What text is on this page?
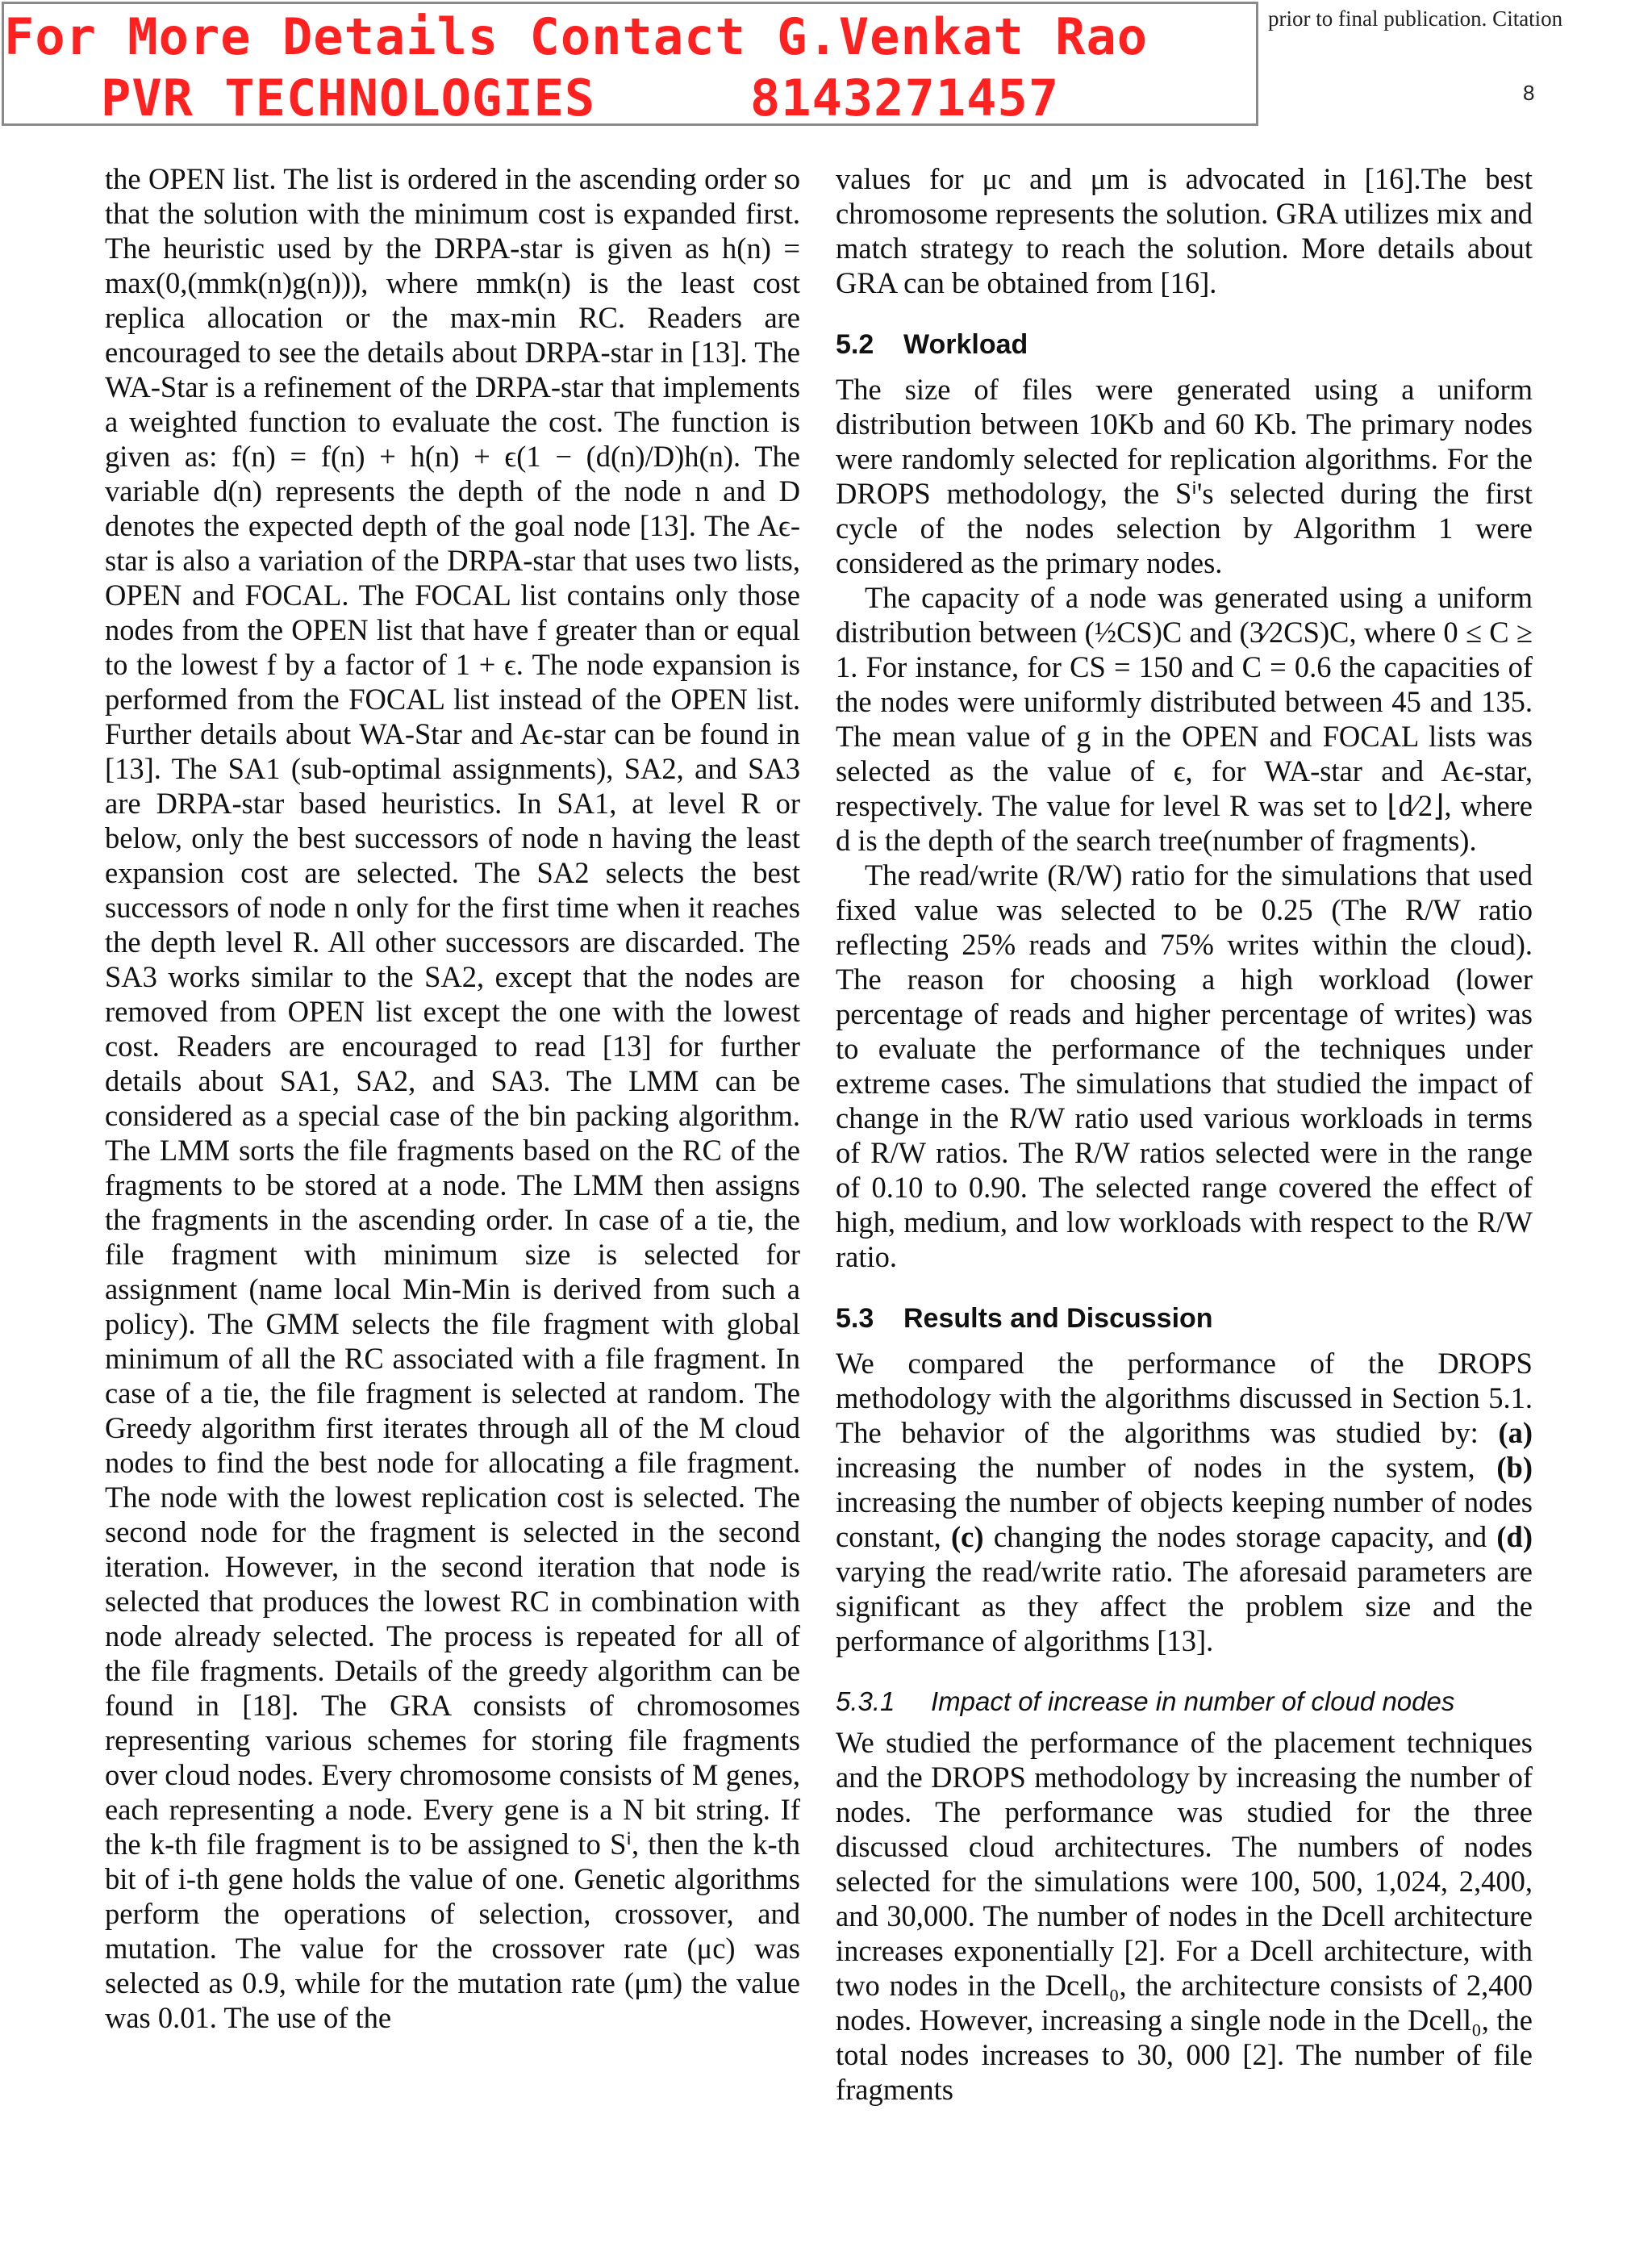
For More Details Contact G.Venkat Rao
PVR TECHNOLOGIES	8143271457
prior to final publication. Citation
8

the OPEN list. The list is ordered in the ascending order so that the solution with the minimum cost is expanded first. The heuristic used by the DRPA-star is given as h(n) = max(0,(mmk(n)g(n))), where mmk(n) is the least cost replica allocation or the max-min RC. Readers are encouraged to see the details about DRPA-star in [13]. The WA-Star is a refinement of the DRPA-star that implements a weighted function to evaluate the cost. The function is given as: f(n) = f(n) + h(n) + ϵ(1 − (d(n)/D)h(n). The variable d(n) represents the depth of the node n and D denotes the expected depth of the goal node [13]. The Aϵ-star is also a variation of the DRPA-star that uses two lists, OPEN and FOCAL. The FOCAL list contains only those nodes from the OPEN list that have f greater than or equal to the lowest f by a factor of 1 + ϵ. The node expansion is performed from the FOCAL list instead of the OPEN list. Further details about WA-Star and Aϵ-star can be found in [13]. The SA1 (sub-optimal assignments), SA2, and SA3 are DRPA-star based heuristics. In SA1, at level R or below, only the best successors of node n having the least expansion cost are selected. The SA2 selects the best successors of node n only for the first time when it reaches the depth level R. All other successors are discarded. The SA3 works similar to the SA2, except that the nodes are removed from OPEN list except the one with the lowest cost. Readers are encouraged to read [13] for further details about SA1, SA2, and SA3. The LMM can be considered as a special case of the bin packing algorithm. The LMM sorts the file fragments based on the RC of the fragments to be stored at a node. The LMM then assigns the fragments in the ascending order. In case of a tie, the file fragment with minimum size is selected for assignment (name local Min-Min is derived from such a policy). The GMM selects the file fragment with global minimum of all the RC associated with a file fragment. In case of a tie, the file fragment is selected at random. The Greedy algorithm first iterates through all of the M cloud nodes to find the best node for allocating a file fragment. The node with the lowest replication cost is selected. The second node for the fragment is selected in the second iteration. However, in the second iteration that node is selected that produces the lowest RC in combination with node already selected. The process is repeated for all of the file fragments. Details of the greedy algorithm can be found in [18]. The GRA consists of chromosomes representing various schemes for storing file fragments over cloud nodes. Every chromosome consists of M genes, each representing a node. Every gene is a N bit string. If the k-th file fragment is to be assigned to Sⁱ, then the k-th bit of i-th gene holds the value of one. Genetic algorithms perform the operations of selection, crossover, and mutation. The value for the crossover rate (μc) was selected as 0.9, while for the mutation rate (μm) the value was 0.01. The use of the

values for μc and μm is advocated in [16].The best chromosome represents the solution. GRA utilizes mix and match strategy to reach the solution. More details about GRA can be obtained from [16].

5.2 Workload

The size of files were generated using a uniform distribution between 10Kb and 60 Kb. The primary nodes were randomly selected for replication algorithms. For the DROPS methodology, the Sⁱ's selected during the first cycle of the nodes selection by Algorithm 1 were considered as the primary nodes.

The capacity of a node was generated using a uniform distribution between (½CS)C and (3⁄2CS)C, where 0 ≤ C ≥ 1. For instance, for CS = 150 and C = 0.6 the capacities of the nodes were uniformly distributed between 45 and 135. The mean value of g in the OPEN and FOCAL lists was selected as the value of ϵ, for WA-star and Aϵ-star, respectively. The value for level R was set to ⌊d⁄2⌋, where d is the depth of the search tree(number of fragments).

The read/write (R/W) ratio for the simulations that used fixed value was selected to be 0.25 (The R/W ratio reflecting 25% reads and 75% writes within the cloud). The reason for choosing a high workload (lower percentage of reads and higher percentage of writes) was to evaluate the performance of the techniques under extreme cases. The simulations that studied the impact of change in the R/W ratio used various workloads in terms of R/W ratios. The R/W ratios selected were in the range of 0.10 to 0.90. The selected range covered the effect of high, medium, and low workloads with respect to the R/W ratio.

5.3 Results and Discussion

We compared the performance of the DROPS methodology with the algorithms discussed in Section 5.1. The behavior of the algorithms was studied by: (a) increasing the number of nodes in the system, (b) increasing the number of objects keeping number of nodes constant, (c) changing the nodes storage capacity, and (d) varying the read/write ratio. The aforesaid parameters are significant as they affect the problem size and the performance of algorithms [13].

5.3.1 Impact of increase in number of cloud nodes

We studied the performance of the placement techniques and the DROPS methodology by increasing the number of nodes. The performance was studied for the three discussed cloud architectures. The numbers of nodes selected for the simulations were 100, 500, 1,024, 2,400, and 30,000. The number of nodes in the Dcell architecture increases exponentially [2]. For a Dcell architecture, with two nodes in the Dcell₀, the architecture consists of 2,400 nodes. However, increasing a single node in the Dcell₀, the total nodes increases to 30, 000 [2]. The number of file fragments
